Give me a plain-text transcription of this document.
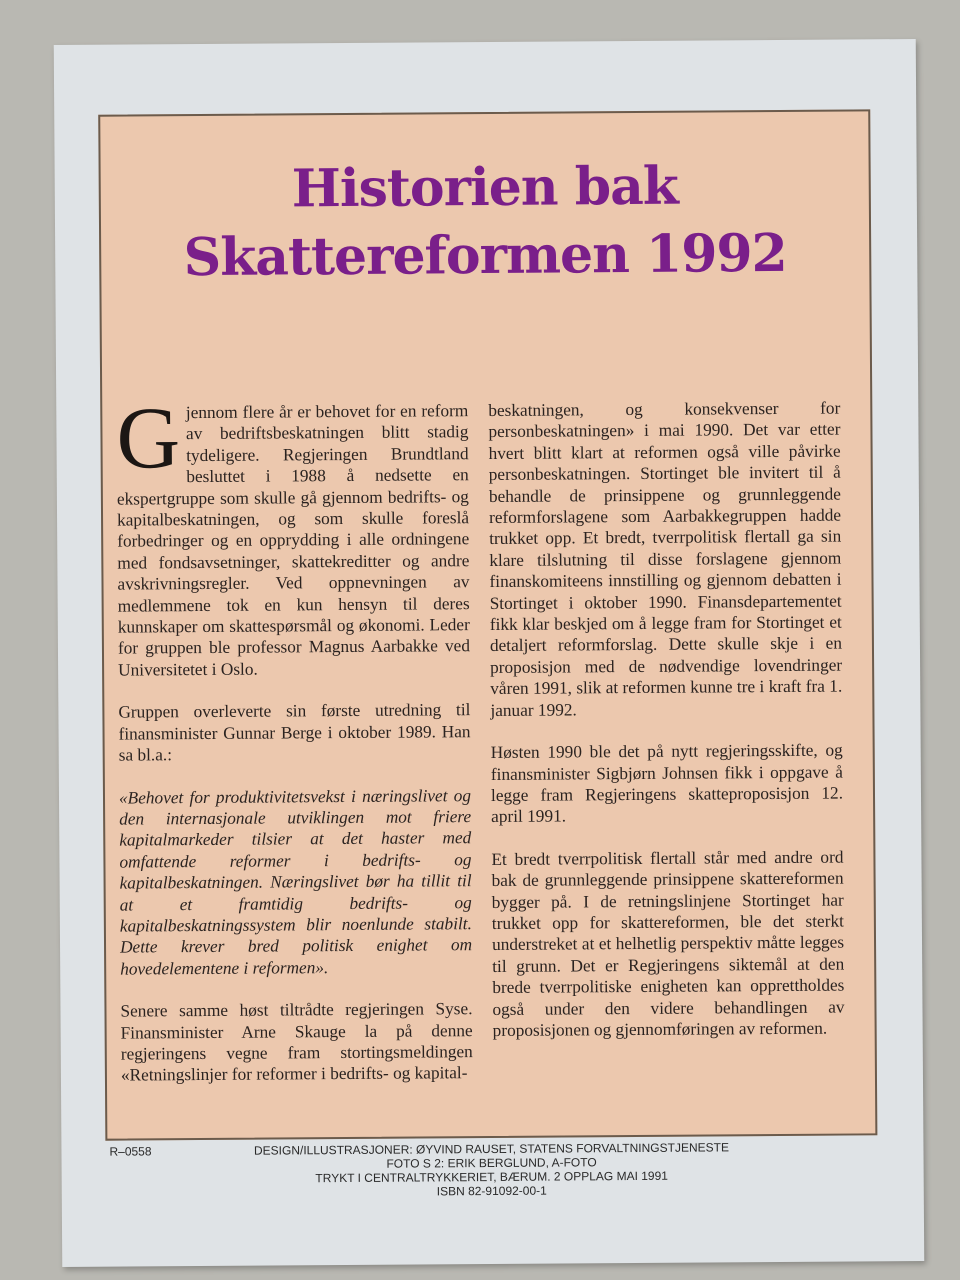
Historien bak
Skattereformen 1992

G jennom flere år er behovet for en reform av bedriftsbeskatningen blitt stadig tydeligere. Regjeringen Brundtland besluttet i 1988 å nedsette en ekspertgruppe som skulle gå gjennom bedrifts- og kapitalbeskatningen, og som skulle foreslå forbedringer og en opprydding i alle ordningene med fondsavsetninger, skattekreditter og andre avskrivningsregler. Ved oppnevningen av medlemmene tok en kun hensyn til deres kunnskaper om skattespørsmål og økonomi. Leder for gruppen ble professor Magnus Aarbakke ved Universitetet i Oslo.

Gruppen overleverte sin første utredning til finansminister Gunnar Berge i oktober 1989. Han sa bl.a.:

«Behovet for produktivitetsvekst i næringslivet og den internasjonale utviklingen mot friere kapitalmarkeder tilsier at det haster med omfattende reformer i bedrifts- og kapitalbeskatningen. Næringslivet bør ha tillit til at et framtidig bedrifts- og kapitalbeskatningssystem blir noenlunde stabilt. Dette krever bred politisk enighet om hovedelementene i reformen».

Senere samme høst tiltrådte regjeringen Syse. Finansminister Arne Skauge la på denne regjeringens vegne fram stortingsmeldingen «Retningslinjer for reformer i bedrifts- og kapital-

beskatningen, og konsekvenser for personbeskatningen» i mai 1990. Det var etter hvert blitt klart at reformen også ville påvirke personbeskatningen. Stortinget ble invitert til å behandle de prinsippene og grunnleggende reformforslagene som Aarbakkegruppen hadde trukket opp. Et bredt, tverrpolitisk flertall ga sin klare tilslutning til disse forslagene gjennom finanskomiteens innstilling og gjennom debatten i Stortinget i oktober 1990. Finansdepartementet fikk klar beskjed om å legge fram for Stortinget et detaljert reformforslag. Dette skulle skje i en proposisjon med de nødvendige lovendringer våren 1991, slik at reformen kunne tre i kraft fra 1. januar 1992.

Høsten 1990 ble det på nytt regjeringsskifte, og finansminister Sigbjørn Johnsen fikk i oppgave å legge fram Regjeringens skatteproposisjon 12. april 1991.

Et bredt tverrpolitisk flertall står med andre ord bak de grunnleggende prinsippene skattereformen bygger på. I de retningslinjene Stortinget har trukket opp for skattereformen, ble det sterkt understreket at et helhetlig perspektiv måtte legges til grunn. Det er Regjeringens siktemål at den brede tverrpolitiske enigheten kan opprettholdes også under den videre behandlingen av proposisjonen og gjennomføringen av reformen.

R–0558	DESIGN/ILLUSTRASJONER: ØYVIND RAUSET, STATENS FORVALTNINGSTJENESTE
FOTO S 2: ERIK BERGLUND, A-FOTO
TRYKT I CENTRALTRYKKERIET, BÆRUM. 2 OPPLAG MAI 1991
ISBN 82-91092-00-1
